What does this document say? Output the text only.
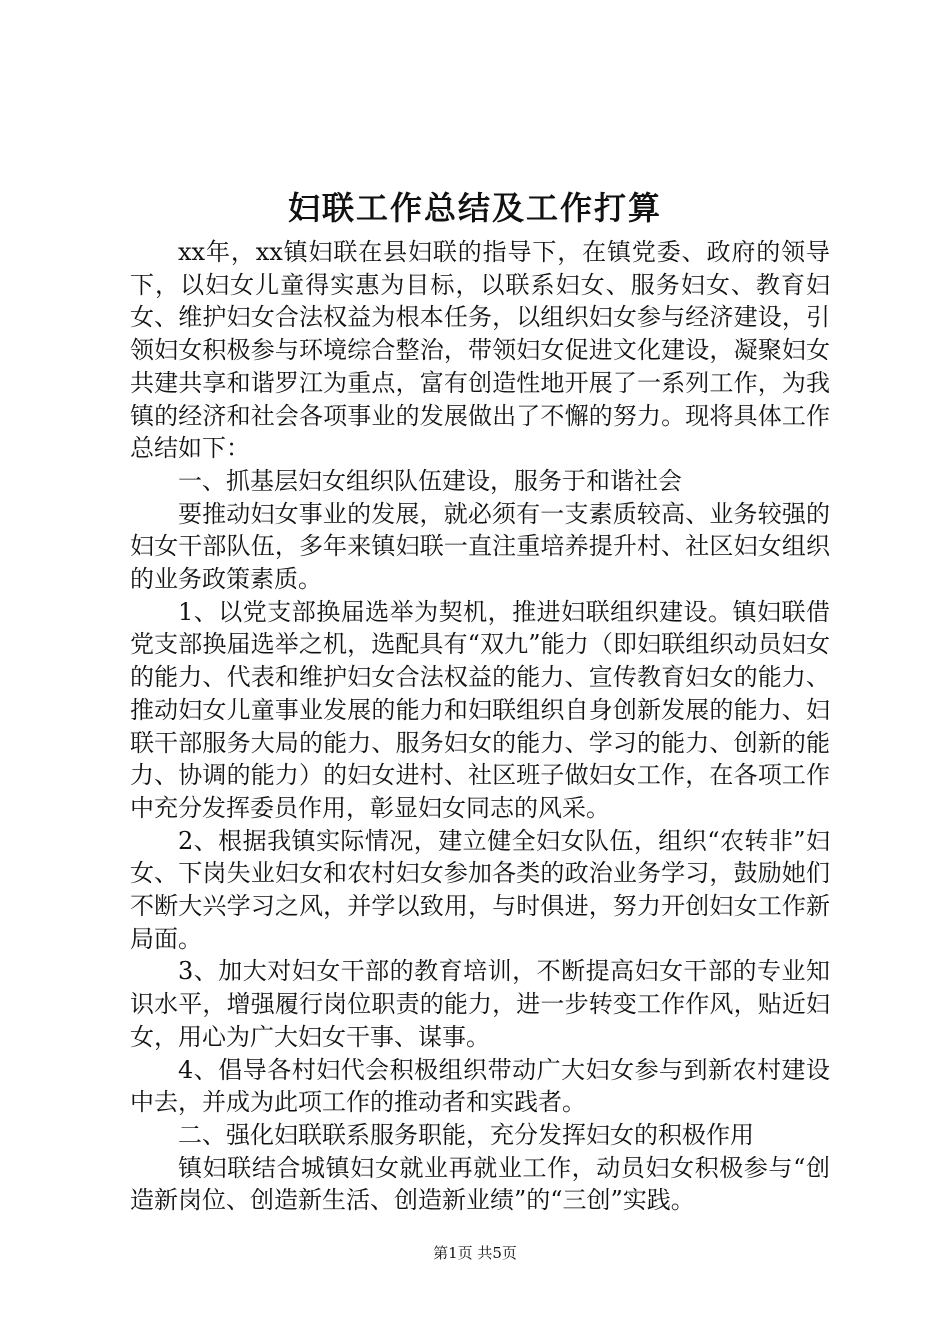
妇联工作总结及工作打算

xx年，xx镇妇联在县妇联的指导下，在镇党委、政府的领导下，以妇女儿童得实惠为目标，以联系妇女、服务妇女、教育妇女、维护妇女合法权益为根本任务，以组织妇女参与经济建设，引领妇女积极参与环境综合整治，带领妇女促进文化建设，凝聚妇女共建共享和谐罗江为重点，富有创造性地开展了一系列工作，为我镇的经济和社会各项事业的发展做出了不懈的努力。现将具体工作总结如下：

一、抓基层妇女组织队伍建设，服务于和谐社会

要推动妇女事业的发展，就必须有一支素质较高、业务较强的妇女干部队伍，多年来镇妇联一直注重培养提升村、社区妇女组织的业务政策素质。

1、以党支部换届选举为契机，推进妇联组织建设。镇妇联借党支部换届选举之机，选配具有“双九”能力（即妇联组织动员妇女的能力、代表和维护妇女合法权益的能力、宣传教育妇女的能力、推动妇女儿童事业发展的能力和妇联组织自身创新发展的能力、妇联干部服务大局的能力、服务妇女的能力、学习的能力、创新的能力、协调的能力）的妇女进村、社区班子做妇女工作，在各项工作中充分发挥委员作用，彰显妇女同志的风采。

2、根据我镇实际情况，建立健全妇女队伍，组织“农转非”妇女、下岗失业妇女和农村妇女参加各类的政治业务学习，鼓励她们不断大兴学习之风，并学以致用，与时俱进，努力开创妇女工作新局面。

3、加大对妇女干部的教育培训，不断提高妇女干部的专业知识水平，增强履行岗位职责的能力，进一步转变工作作风，贴近妇女，用心为广大妇女干事、谋事。

4、倡导各村妇代会积极组织带动广大妇女参与到新农村建设中去，并成为此项工作的推动者和实践者。

二、强化妇联联系服务职能，充分发挥妇女的积极作用

镇妇联结合城镇妇女就业再就业工作，动员妇女积极参与“创造新岗位、创造新生活、创造新业绩”的“三创”实践。

第1页 共5页
